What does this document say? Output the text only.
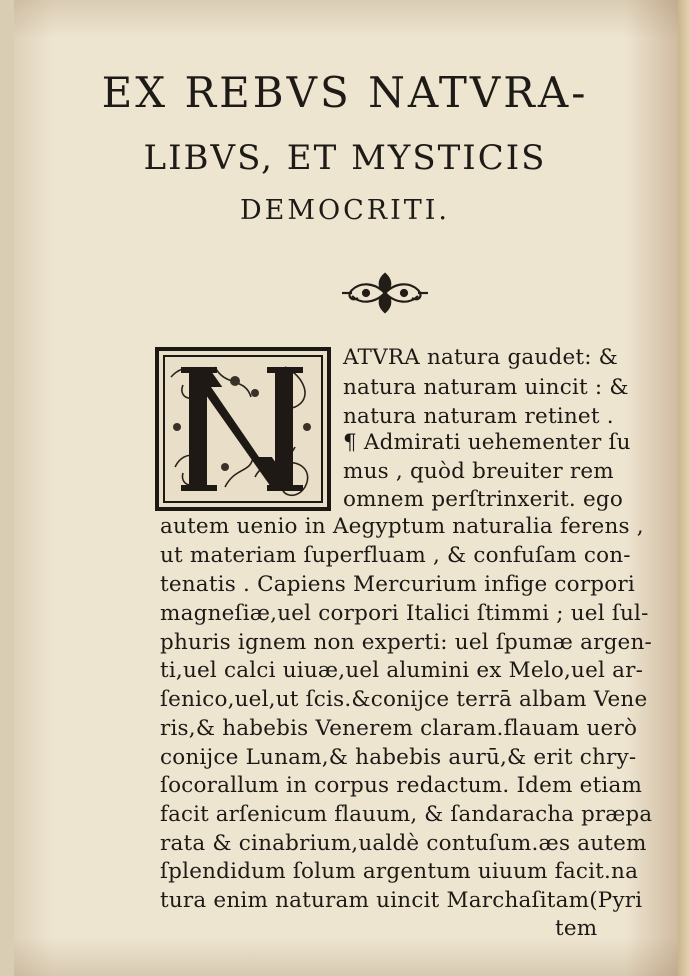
EX REBVS NATVRA-
LIBVS, ET MYSTICIS
DEMOCRITI.
ATVRA natura gaudet: &
natura naturam uincit : &
natura naturam retinet .
¶ Admirati uehementer ſu
mus , quòd breuiter rem
omnem perſtrinxerit. ego
autem uenio in Aegyptum naturalia ferens ,
ut materiam ſuperfluam , & confuſam con-
tenatis . Capiens Mercurium infige corpori
magneſiæ,uel corpori Italici ſtimmi ; uel ſul-
phuris ignem non experti: uel ſpumæ argen-
ti,uel calci uiuæ,uel alumini ex Melo,uel ar-
ſenico,uel,ut ſcis.&conijce terrā albam Vene
ris,& habebis Venerem claram.flauam uerò
conijce Lunam,& habebis aurū,& erit chry-
ſocorallum in corpus redactum. Idem etiam
facit arſenicum flauum, & ſandaracha præpa
rata & cinabrium,ualdè contuſum.æs autem
ſplendidum ſolum argentum uiuum facit.na
tura enim naturam uincit Marchaſitam(Pyri
tem
